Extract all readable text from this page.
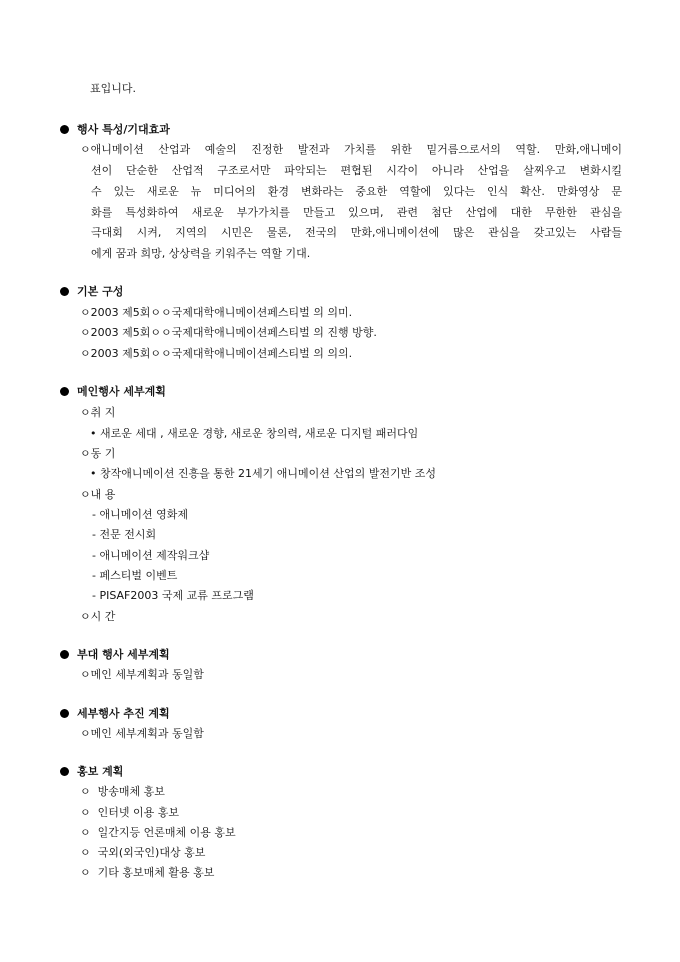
표입니다.
행사 특성/기대효과
ㅇ애니메이션 산업과 예술의 진정한 발전과 가치를 위한 밑거름으로서의 역할. 만화,애니메이
션이 단순한 산업적 구조로서만 파악되는 편협된 시각이 아니라 산업을 살찌우고 변화시킬
수 있는 새로운 뉴 미디어의 환경 변화라는 중요한 역할에 있다는 인식 확산. 만화영상 문
화를 특성화하여 새로운 부가가치를 만들고 있으며, 관련 첨단 산업에 대한 무한한 관심을
극대회 시켜, 지역의 시민은 물론, 전국의 만화,애니메이션에 많은 관심을 갖고있는 사람들
에게 꿈과 희망, 상상력을 키워주는 역할 기대.
기본 구성
ㅇ2003 제5회ㅇㅇ국제대학애니메이션페스티벌 의 의미.
ㅇ2003 제5회ㅇㅇ국제대학애니메이션페스티벌 의 진행 방향.
ㅇ2003 제5회ㅇㅇ국제대학애니메이션페스티벌 의 의의.
메인행사 세부계획
ㅇ취 지
• 새로운 세대 , 새로운 경향, 새로운 창의력, 새로운 디지털 패러다임
ㅇ동 기
• 창작애니메이션 진흥을 통한 21세기 애니메이션 산업의 발전기반 조성
ㅇ내 용
- 애니메이션 영화제
- 전문 전시회
- 애니메이션 제작워크샵
- 페스티벌 이벤트
- PISAF2003 국제 교류 프로그램
ㅇ시 간
부대 행사 세부계획
ㅇ메인 세부계획과 동일함
세부행사 추진 계획
ㅇ메인 세부계획과 동일함
홍보 계획
ㅇ  방송매체 홍보
ㅇ  인터넷 이용 홍보
ㅇ  일간지등 언론매체 이용 홍보
ㅇ  국외(외국인)대상 홍보
ㅇ  기타 홍보매체 활용 홍보
